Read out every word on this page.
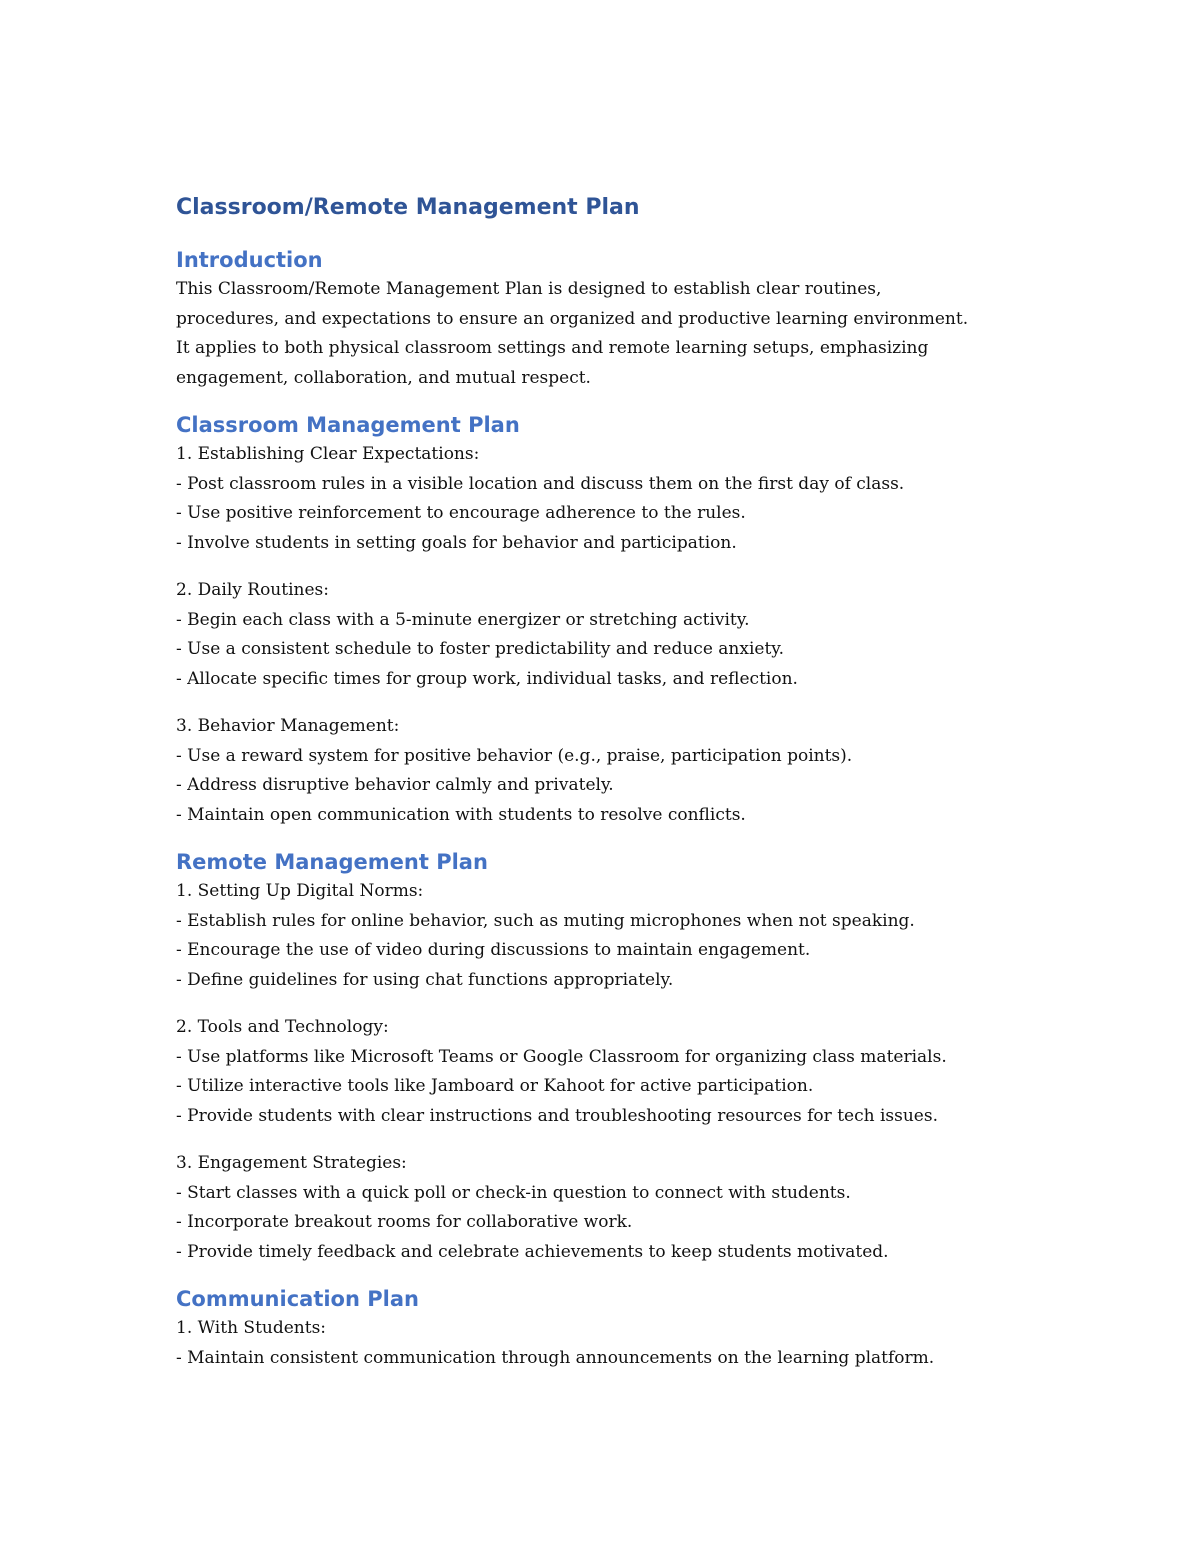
Classroom/Remote Management Plan
Introduction

This Classroom/Remote Management Plan is designed to establish clear routines,

procedures, and expectations to ensure an organized and productive learning environment.

It applies to both physical classroom settings and remote learning setups, emphasizing

engagement, collaboration, and mutual respect.

Classroom Management Plan

1. Establishing Clear Expectations:

- Post classroom rules in a visible location and discuss them on the first day of class.

- Use positive reinforcement to encourage adherence to the rules.

- Involve students in setting goals for behavior and participation.

2. Daily Routines:

- Begin each class with a 5-minute energizer or stretching activity.

- Use a consistent schedule to foster predictability and reduce anxiety.

- Allocate specific times for group work, individual tasks, and reflection.

3. Behavior Management:

- Use a reward system for positive behavior (e.g., praise, participation points).

- Address disruptive behavior calmly and privately.

- Maintain open communication with students to resolve conflicts.

Remote Management Plan

1. Setting Up Digital Norms:

- Establish rules for online behavior, such as muting microphones when not speaking.

- Encourage the use of video during discussions to maintain engagement.

- Define guidelines for using chat functions appropriately.

2. Tools and Technology:

- Use platforms like Microsoft Teams or Google Classroom for organizing class materials.

- Utilize interactive tools like Jamboard or Kahoot for active participation.

- Provide students with clear instructions and troubleshooting resources for tech issues.

3. Engagement Strategies:

- Start classes with a quick poll or check-in question to connect with students.

- Incorporate breakout rooms for collaborative work.

- Provide timely feedback and celebrate achievements to keep students motivated.

Communication Plan

1. With Students:

- Maintain consistent communication through announcements on the learning platform.
